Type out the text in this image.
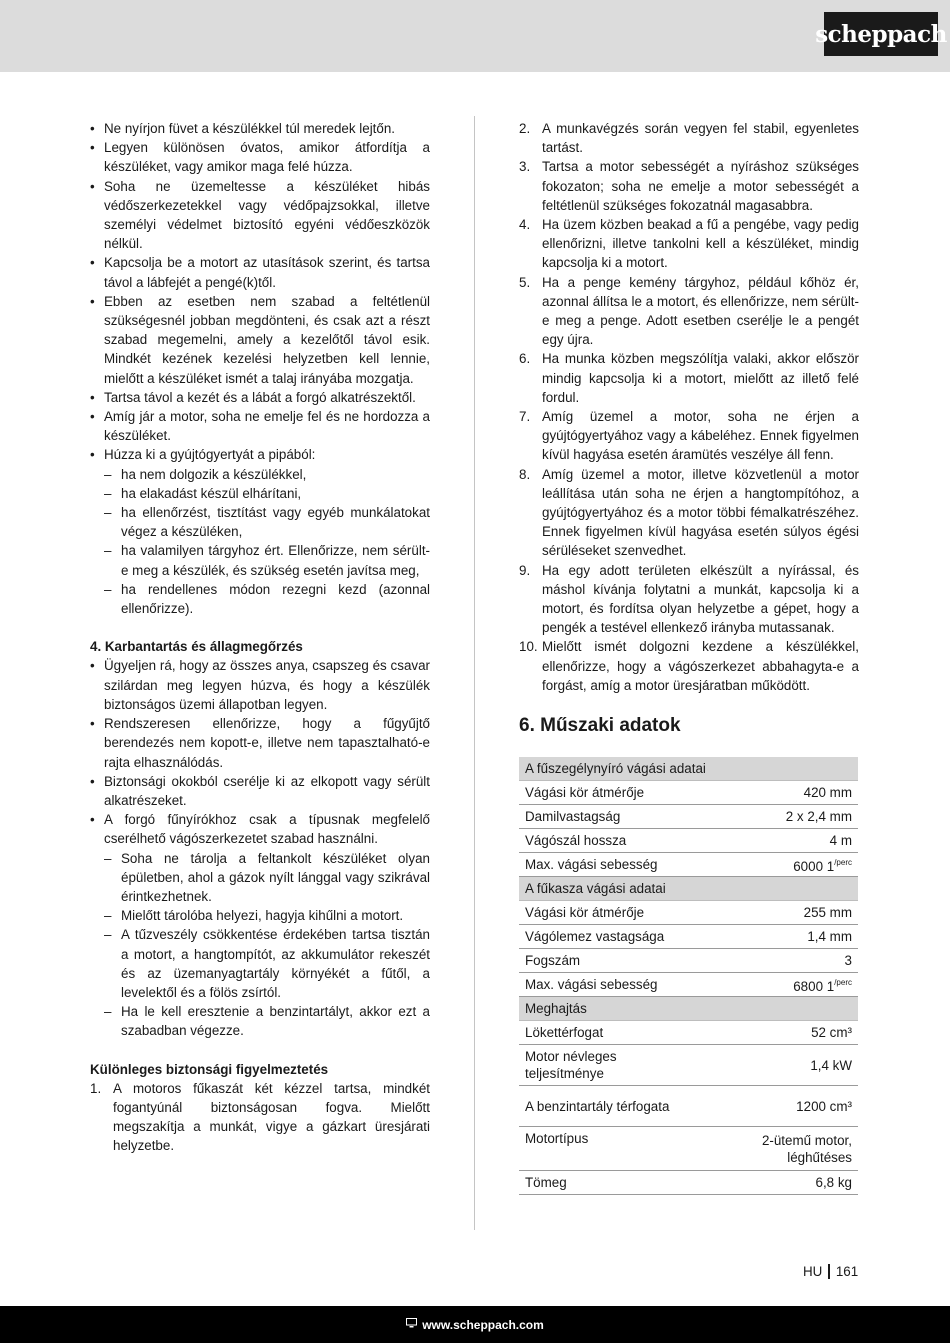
scheppach
• Ne nyírjon füvet a készülékkel túl meredek lejtőn.
• Legyen különösen óvatos, amikor átfordítja a készüléket, vagy amikor maga felé húzza.
• Soha ne üzemeltesse a készüléket hibás védőszerkezetekkel vagy védőpajzsokkal, illetve személyi védelmet biztosító egyéni védőeszközök nélkül.
• Kapcsolja be a motort az utasítások szerint, és tartsa távol a lábfejét a pengé(k)től.
• Ebben az esetben nem szabad a feltétlenül szükségesnél jobban megdönteni, és csak azt a részt szabad megemelni, amely a kezelőtől távol esik. Mindkét kezének kezelési helyzetben kell lennie, mielőtt a készüléket ismét a talaj irányába mozgatja.
• Tartsa távol a kezét és a lábát a forgó alkatrészektől.
• Amíg jár a motor, soha ne emelje fel és ne hordozza a készüléket.
• Húzza ki a gyújtógyertyát a pipából:
– ha nem dolgozik a készülékkel,
– ha elakadást készül elhárítani,
– ha ellenőrzést, tisztítást vagy egyéb munkálatokat végez a készüléken,
– ha valamilyen tárgyhoz ért. Ellenőrizze, nem sérült-e meg a készülék, és szükség esetén javítsa meg,
– ha rendellenes módon rezegni kezd (azonnal ellenőrizze).

4. Karbantartás és állagmegőrzés

• Ügyeljen rá, hogy az összes anya, csapszeg és csavar szilárdan meg legyen húzva, és hogy a készülék biztonságos üzemi állapotban legyen.
• Rendszeresen ellenőrizze, hogy a fűgyűjtő berendezés nem kopott-e, illetve nem tapasztalható-e rajta elhasználódás.
• Biztonsági okokból cserélje ki az elkopott vagy sérült alkatrészeket.
• A forgó fűnyírókhoz csak a típusnak megfelelő cserélhető vágószerkezetet szabad használni.
– Soha ne tárolja a feltankolt készüléket olyan épületben, ahol a gázok nyílt lánggal vagy szikrával érintkezhetnek.
– Mielőtt tárolóba helyezi, hagyja kihűlni a motort.
– A tűzveszély csökkentése érdekében tartsa tisztán a motort, a hangtompítót, az akkumulátor rekeszét és az üzemanyagtartály környékét a fűtől, a levelektől és a fölös zsírtól.
– Ha le kell eresztenie a benzintartályt, akkor ezt a szabadban végezze.

Különleges biztonsági figyelmeztetés

1. A motoros fűkaszát két kézzel tartsa, mindkét fogantyúnál biztonságosan fogva. Mielőtt megszakítja a munkát, vigye a gázkart üresjárati helyzetbe.
2. A munkavégzés során vegyen fel stabil, egyenletes tartást.
3. Tartsa a motor sebességét a nyíráshoz szükséges fokozaton; soha ne emelje a motor sebességét a feltétlenül szükséges fokozatnál magasabbra.
4. Ha üzem közben beakad a fű a pengébe, vagy pedig ellenőrizni, illetve tankolni kell a készüléket, mindig kapcsolja ki a motort.
5. Ha a penge kemény tárgyhoz, például kőhöz ér, azonnal állítsa le a motort, és ellenőrizze, nem sérült-e meg a penge. Adott esetben cserélje le a pengét egy újra.
6. Ha munka közben megszólítja valaki, akkor először mindig kapcsolja ki a motort, mielőtt az illető felé fordul.
7. Amíg üzemel a motor, soha ne érjen a gyújtógyertyához vagy a kábeléhez. Ennek figyelmen kívül hagyása esetén áramütés veszélye áll fenn.
8. Amíg üzemel a motor, illetve közvetlenül a motor leállítása után soha ne érjen a hangtompítóhoz, a gyújtógyertyához és a motor többi fémalkatrészéhez. Ennek figyelmen kívül hagyása esetén súlyos égési sérüléseket szenvedhet.
9. Ha egy adott területen elkészült a nyírással, és máshol kívánja folytatni a munkát, kapcsolja ki a motort, és fordítsa olyan helyzetbe a gépet, hogy a pengék a testével ellenkező irányba mutassanak.
10. Mielőtt ismét dolgozni kezdene a készülékkel, ellenőrizze, hogy a vágószerkezet abbahagyta-e a forgást, amíg a motor üresjáratban működött.
6. Műszaki adatok
A fűszegélynyíró vágási adatai	
Vágási kör átmérője	420 mm
Damilvastagság	2 x 2,4 mm
Vágószál hossza	4 m
Max. vágási sebesség	6000 $1^{/perc}$
A fűkasza vágási adatai	
Vágási kör átmérője	255 mm
Vágólemez vastagsága	1,4 mm
Fogszám	3
Max. vágási sebesség	6800 $1^{/perc}$
Meghajtás	
Lökettérfogat	52 cm³
Motor névleges teljesítménye	1,4 kW
A benzintartály térfogata	1200 cm³
Motortípus	2-ütemű motor, léghűtéses
Tömeg	6,8 kg
HU 161
www.scheppach.com
